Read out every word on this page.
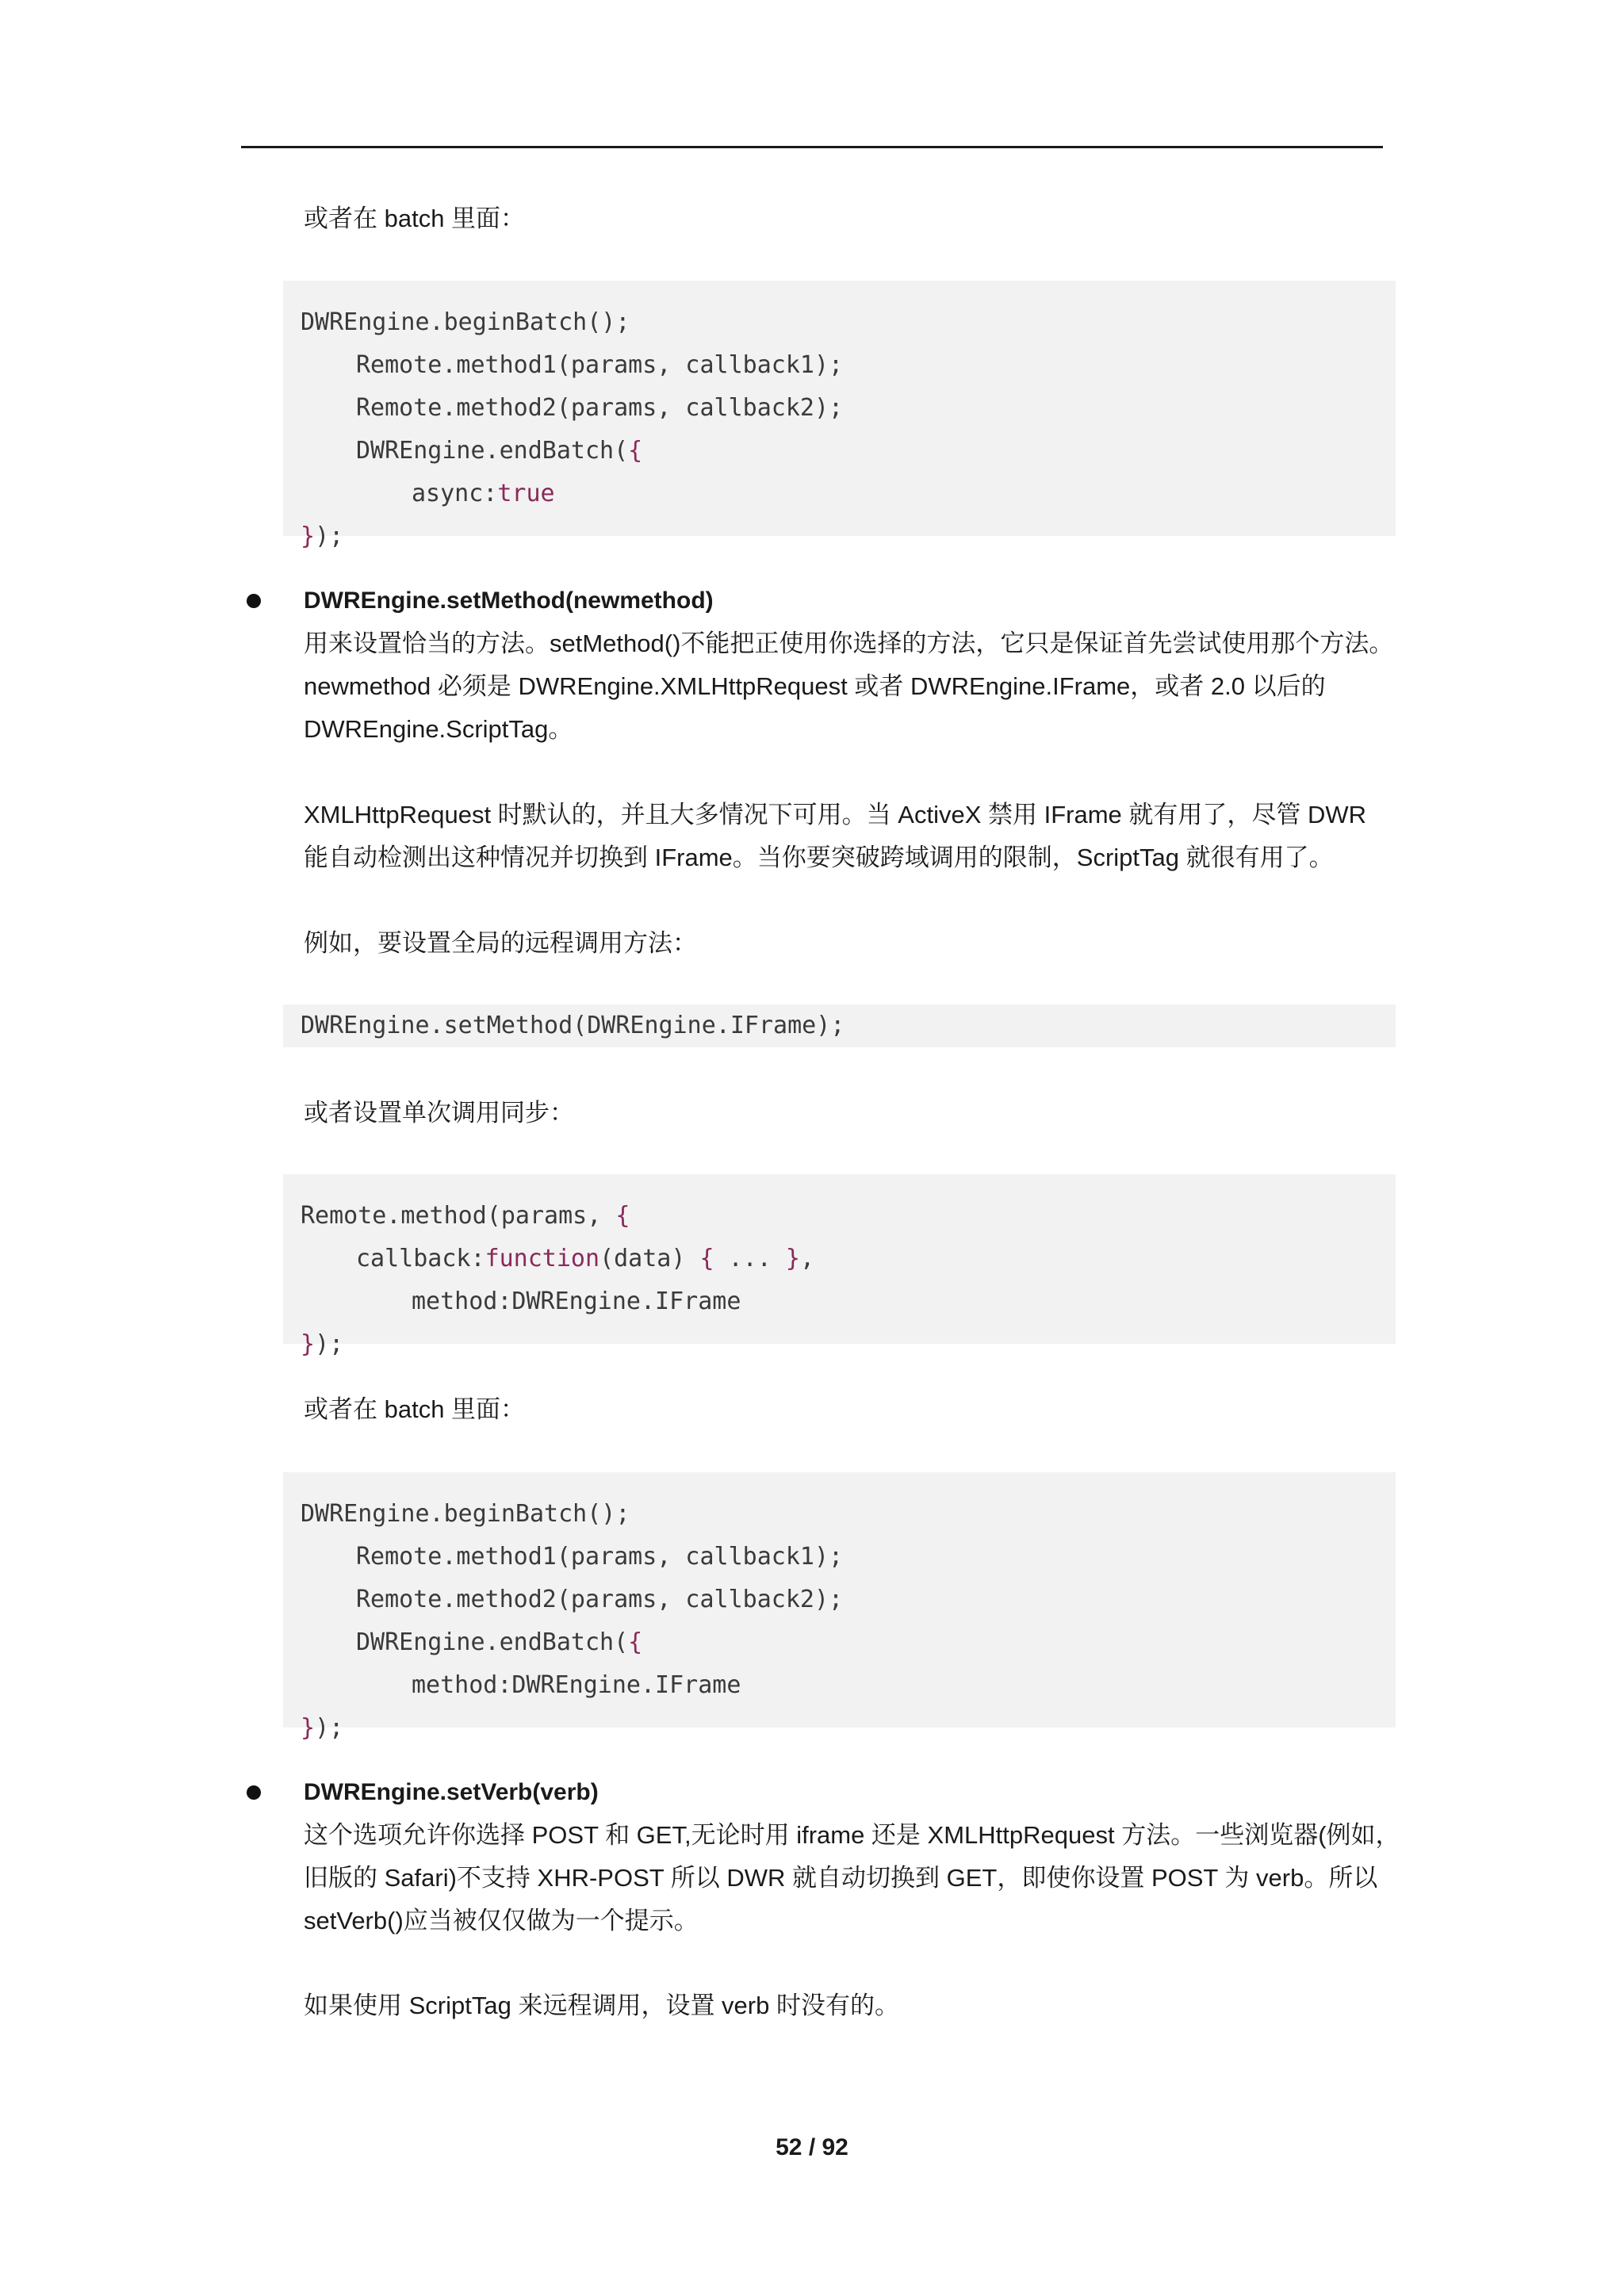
或者在 batch 里面：
DWREngine.beginBatch();
Remote.method1(params, callback1);
Remote.method2(params, callback2);
DWREngine.endBatch({
async:true
});
DWREngine.setMethod(newmethod)
用来设置恰当的方法。setMethod()不能把正使用你选择的方法，它只是保证首先尝试使用那个方法。
newmethod 必须是 DWREngine.XMLHttpRequest 或者 DWREngine.IFrame，或者 2.0 以后的
DWREngine.ScriptTag。
XMLHttpRequest 时默认的，并且大多情况下可用。当 ActiveX 禁用 IFrame 就有用了，尽管 DWR
能自动检测出这种情况并切换到 IFrame。当你要突破跨域调用的限制，ScriptTag 就很有用了。
例如，要设置全局的远程调用方法：
DWREngine.setMethod(DWREngine.IFrame);
或者设置单次调用同步：
Remote.method(params, {
callback:function(data) { ... },
method:DWREngine.IFrame
});
或者在 batch 里面：
DWREngine.beginBatch();
Remote.method1(params, callback1);
Remote.method2(params, callback2);
DWREngine.endBatch({
method:DWREngine.IFrame
});
DWREngine.setVerb(verb)
这个选项允许你选择 POST 和 GET,无论时用 iframe 还是 XMLHttpRequest 方法。一些浏览器(例如，
旧版的 Safari)不支持 XHR-POST 所以 DWR 就自动切换到 GET，即使你设置 POST 为 verb。所以
setVerb()应当被仅仅做为一个提示。
如果使用 ScriptTag 来远程调用，设置 verb 时没有的。
52 / 92
